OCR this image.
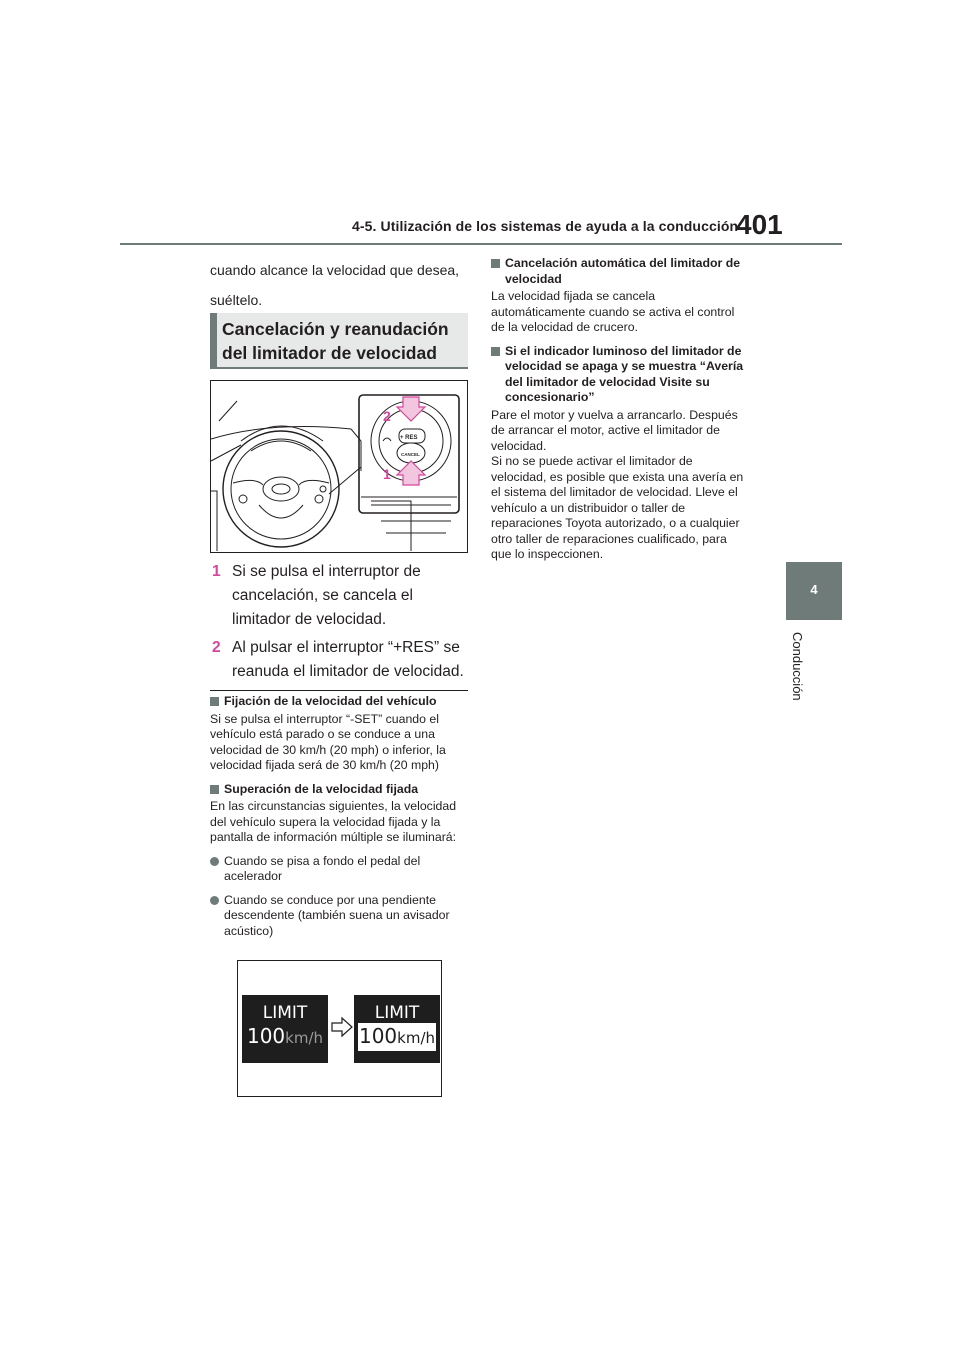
4-5. Utilización de los sistemas de ayuda a la conducción
401
4
Conducción
cuando alcance la velocidad que desea, suéltelo.
Cancelación y reanudación del limitador de velocidad
+ RES
CANCEL
2
1
1 Si se pulsa el interruptor de cancelación, se cancela el limitador de velocidad.
2 Al pulsar el interruptor “+RES” se reanuda el limitador de velocidad.

Fijación de la velocidad del vehículo

Si se pulsa el interruptor “-SET” cuando el vehículo está parado o se conduce a una velocidad de 30 km/h (20 mph) o inferior, la velocidad fijada será de 30 km/h (20 mph)

Superación de la velocidad fijada

En las circunstancias siguientes, la velocidad del vehículo supera la velocidad fijada y la pantalla de información múltiple se iluminará:

Cuando se pisa a fondo el pedal del acelerador

Cuando se conduce por una pendiente descendente (también suena un avisador acústico)

LIMIT
100km/h
LIMIT
100km/h

Cancelación automática del limitador de velocidad

La velocidad fijada se cancela automáticamente cuando se activa el control de la velocidad de crucero.

Si el indicador luminoso del limitador de velocidad se apaga y se muestra “Avería del limitador de velocidad Visite su concesionario”

Pare el motor y vuelva a arrancarlo. Después de arrancar el motor, active el limitador de velocidad.

Si no se puede activar el limitador de velocidad, es posible que exista una avería en el sistema del limitador de velocidad. Lleve el vehículo a un distribuidor o taller de reparaciones Toyota autorizado, o a cualquier otro taller de reparaciones cualificado, para que lo inspeccionen.
